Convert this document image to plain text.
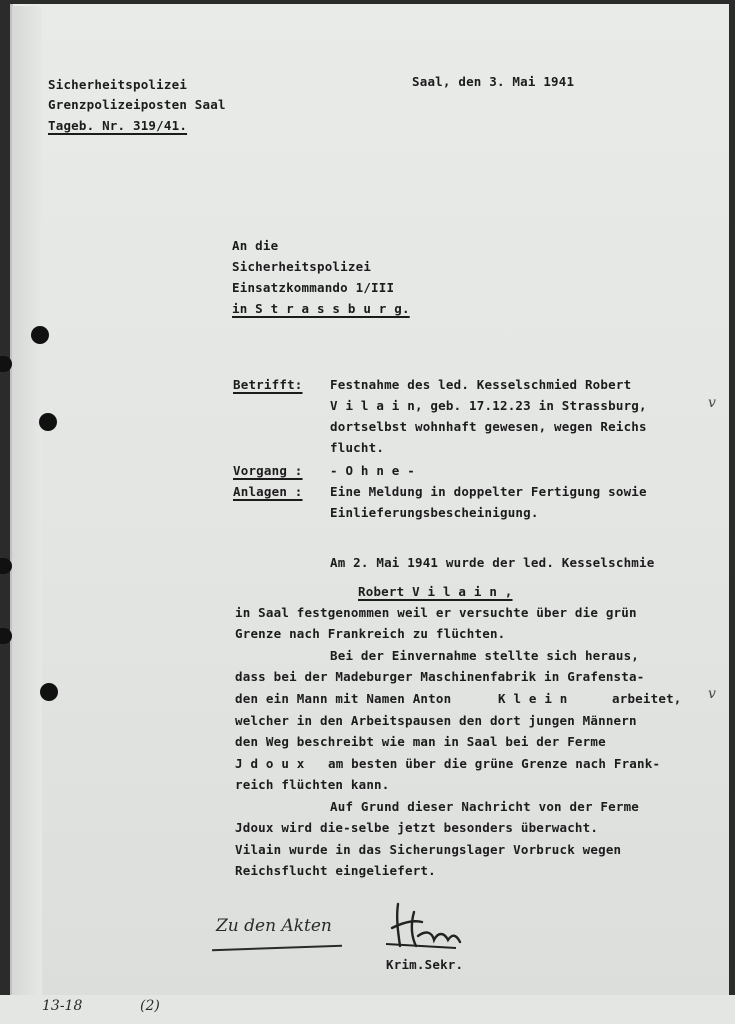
Sicherheitspolizei
Grenzpolizeiposten Saal
Tageb. Nr. 319/41.
Saal, den 3. Mai 1941
An die
Sicherheitspolizei
Einsatzkommando 1/III
in S t r a s s b u r g.
Betrifft: Festnahme des led. Kesselschmied Robert
V i l a i n, geb. 17.12.23 in Strassburg,
dortselbst wohnhaft gewesen, wegen Reichs
flucht.
Vorgang : - O h n e -
Anlagen : Eine Meldung in doppelter Fertigung sowie
Einlieferungsbescheinigung.
Am 2. Mai 1941 wurde der led. Kesselschmie
Robert V i l a i n ,
in Saal festgenommen weil er versuchte über die grün
Grenze nach Frankreich zu flüchten.
Bei der Einvernahme stellte sich heraus,
dass bei der Madeburger Maschinenfabrik in Grafensta-
den ein Mann mit Namen Anton	K l e i n	arbeitet,
welcher in den Arbeitspausen den dort jungen Männern
den Weg beschreibt wie man in Saal bei der Ferme
J d o u x am besten über die grüne Grenze nach Frank-
reich flüchten kann.
Auf Grund dieser Nachricht von der Ferme
Jdoux wird die-selbe jetzt besonders überwacht.
Vilain wurde in das Sicherungslager Vorbruck wegen
Reichsflucht eingeliefert.
v
v
Zu den Akten
Krim.Sekr.
13-18	(2)
